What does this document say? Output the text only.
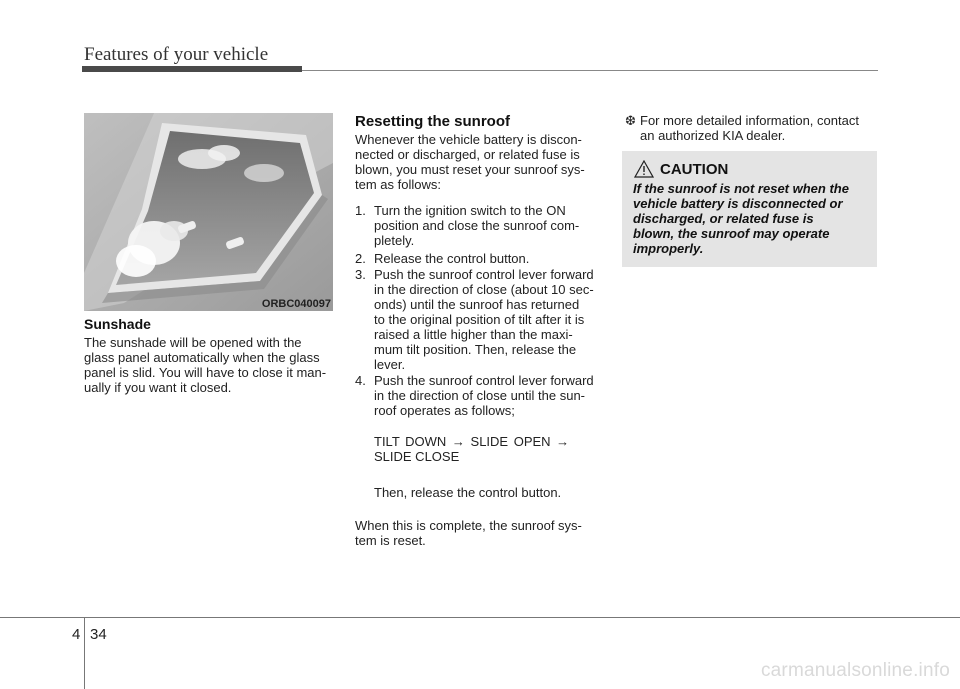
Features of your vehicle
ORBC040097
Sunshade
The sunshade will be opened with the
glass panel automatically when the glass
panel is slid. You will have to close it man-
ually if you want it closed.
Resetting the sunroof
Whenever the vehicle battery is discon-
nected or discharged, or related fuse is
blown, you must reset your sunroof sys-
tem as follows:
1. Turn the ignition switch to the ON
position and close the sunroof com-
pletely.
2. Release the control button.
3. Push the sunroof control lever forward
in the direction of close (about 10 sec-
onds) until the sunroof has returned
to the original position of tilt after it is
raised a little higher than the maxi-
mum tilt position. Then, release the
lever.
4. Push the sunroof control lever forward
in the direction of close until the sun-
roof operates as follows;
TILT DOWN → SLIDE OPEN →
SLIDE CLOSE
Then, release the control button.
When this is complete, the sunroof sys-
tem is reset.
❆ For more detailed information, contact
an authorized KIA dealer.
CAUTION
If the sunroof is not reset when the
vehicle battery is disconnected or
discharged, or related fuse is
blown, the sunroof may operate
improperly.
4 34
carmanualsonline.info
